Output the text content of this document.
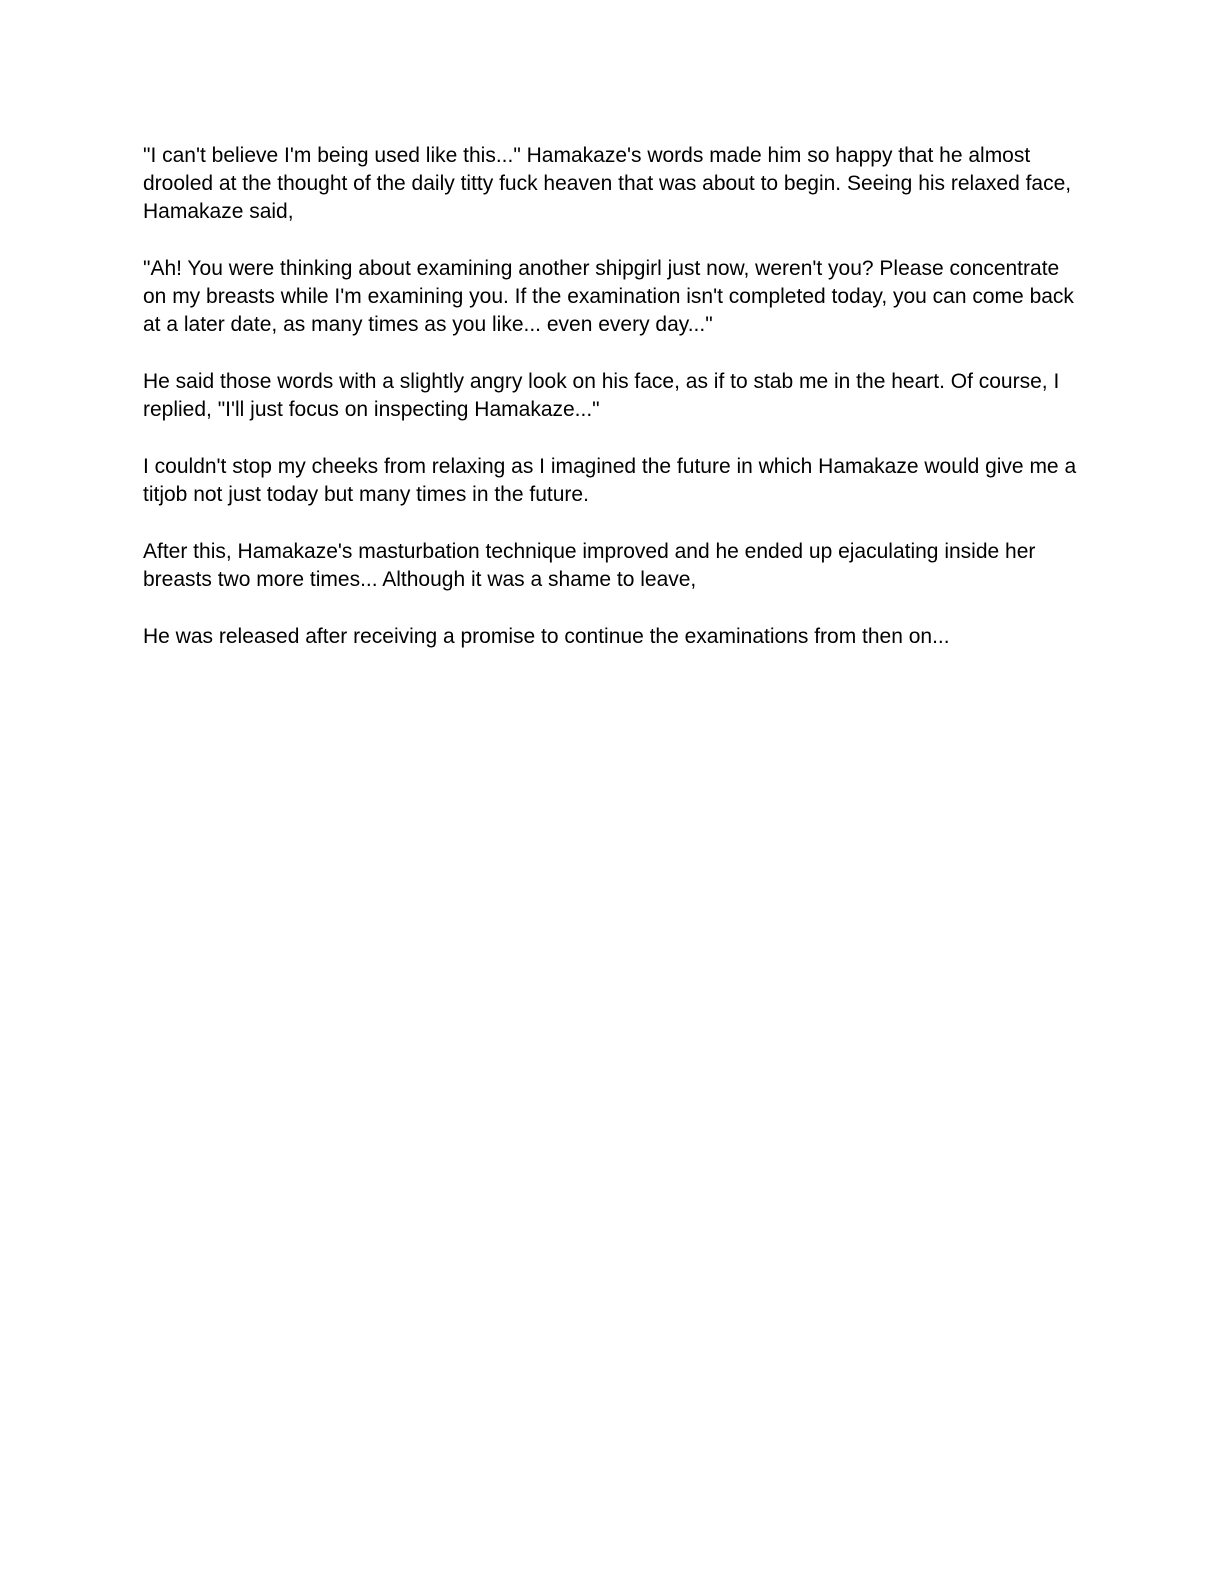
"I can't believe I'm being used like this..." Hamakaze's words made him so happy that he almost drooled at the thought of the daily titty fuck heaven that was about to begin. Seeing his relaxed face, Hamakaze said,

"Ah! You were thinking about examining another shipgirl just now, weren't you? Please concentrate on my breasts while I'm examining you. If the examination isn't completed today, you can come back at a later date, as many times as you like... even every day..."

He said those words with a slightly angry look on his face, as if to stab me in the heart. Of course, I replied, "I'll just focus on inspecting Hamakaze..."

I couldn't stop my cheeks from relaxing as I imagined the future in which Hamakaze would give me a titjob not just today but many times in the future.

After this, Hamakaze's masturbation technique improved and he ended up ejaculating inside her breasts two more times... Although it was a shame to leave,

He was released after receiving a promise to continue the examinations from then on...
